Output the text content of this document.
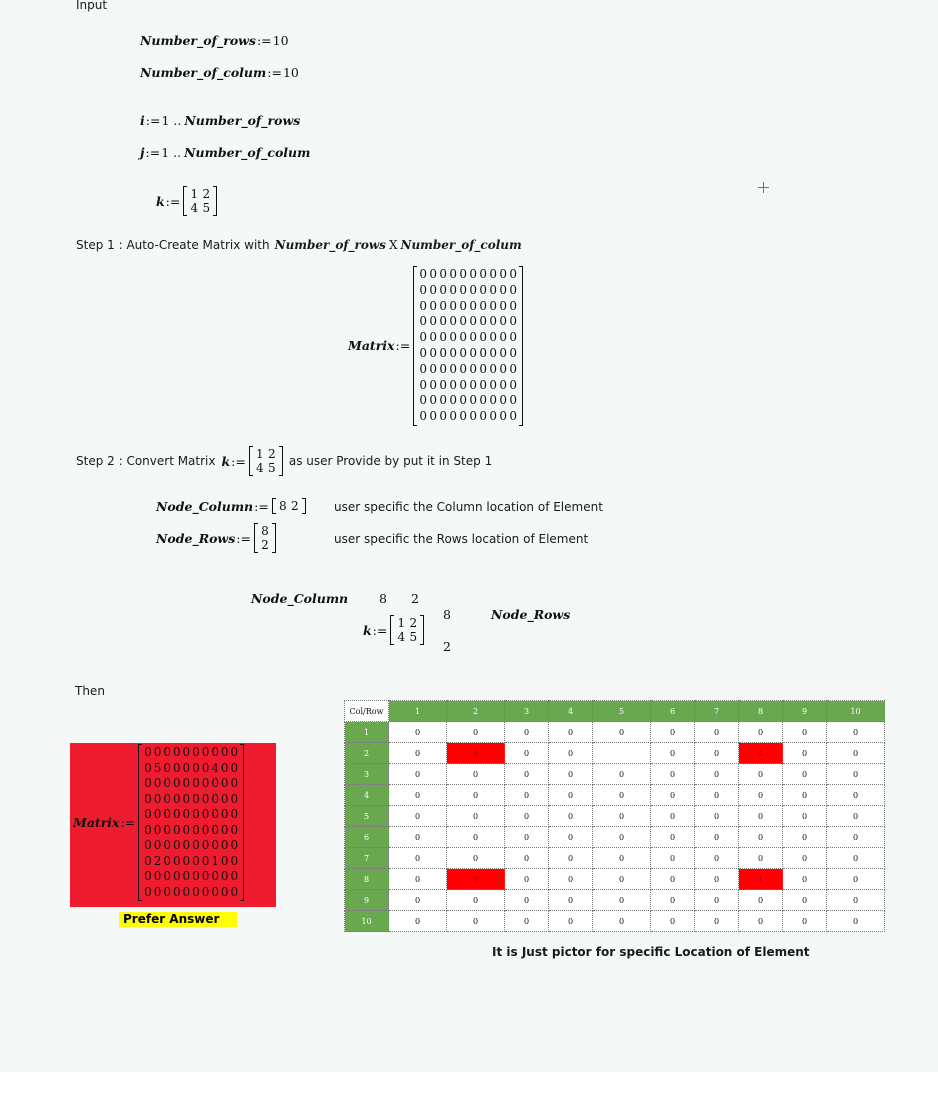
Input
Number_of_rows := 10
Number_of_colum := 10
i := 1 .. Number_of_rows
j := 1 .. Number_of_colum
k := 1 2
4 5
Step 1 : Auto-Create Matrix with Number_of_rows X Number_of_colum
Matrix :=
0 0 0 0 0 0 0 0 0 0
0 0 0 0 0 0 0 0 0 0
0 0 0 0 0 0 0 0 0 0
0 0 0 0 0 0 0 0 0 0
0 0 0 0 0 0 0 0 0 0
0 0 0 0 0 0 0 0 0 0
0 0 0 0 0 0 0 0 0 0
0 0 0 0 0 0 0 0 0 0
0 0 0 0 0 0 0 0 0 0
0 0 0 0 0 0 0 0 0 0
Step 2 : Convert Matrix k := 1 2
4 5 as user Provide by put it in Step 1
Node_Column := 8 2	user specific the Column location of Element
Node_Rows := 8
2	user specific the Rows location of Element
Node_Column 8 2
8	Node_Rows
2
k := 1 2
4 5
Then
Matrix :=
0 0 0 0 0 0 0 0 0 0
0 5 0 0 0 0 0 4 0 0
0 0 0 0 0 0 0 0 0 0
0 0 0 0 0 0 0 0 0 0
0 0 0 0 0 0 0 0 0 0
0 0 0 0 0 0 0 0 0 0
0 0 0 0 0 0 0 0 0 0
0 2 0 0 0 0 0 1 0 0
0 0 0 0 0 0 0 0 0 0
0 0 0 0 0 0 0 0 0 0
Prefer Answer
Col/Row	1	2	3	4	5	6	7	8	9	10
1	0	0	0	0	0	0	0	0	0	0
2	0	5	0	0		0	0	4	0	0
3	0	0	0	0	0	0	0	0	0	0
4	0	0	0	0	0	0	0	0	0	0
5	0	0	0	0	0	0	0	0	0	0
6	0	0	0	0	0	0	0	0	0	0
7	0	0	0	0	0	0	0	0	0	0
8	0	2	0	0	0	0	0	1	0	0
9	0	0	0	0	0	0	0	0	0	0
10	0	0	0	0	0	0	0	0	0	0
It is Just pictor for specific Location of Element
